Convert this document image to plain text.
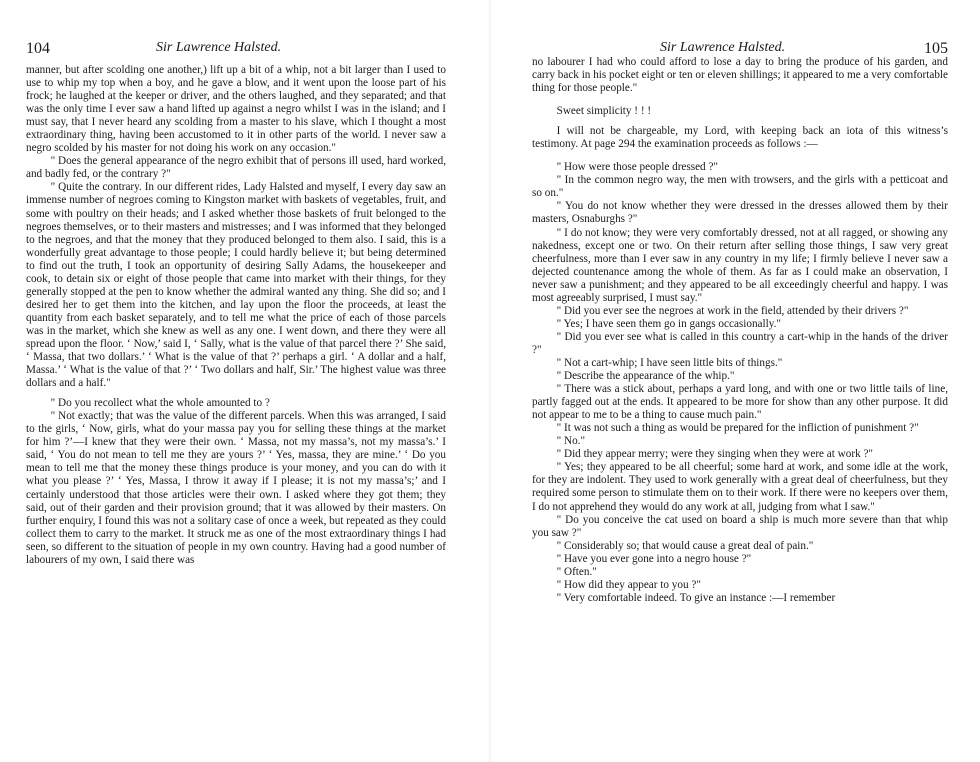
104	Sir Lawrence Halsted.

manner, but after scolding one another,) lift up a bit of a whip, not a bit larger than I used to use to whip my top when a boy, and he gave a blow, and it went upon the loose part of his frock; he laughed at the keeper or driver, and the others laughed, and they separated; and that was the only time I ever saw a hand lifted up against a negro whilst I was in the island; and I must say, that I never heard any scolding from a master to his slave, which I thought a most extraordinary thing, having been accustomed to it in other parts of the world. I never saw a negro scolded by his master for not doing his work on any occasion."

" Does the general appearance of the negro exhibit that of persons ill used, hard worked, and badly fed, or the contrary ?"

" Quite the contrary. In our different rides, Lady Halsted and myself, I every day saw an immense number of negroes coming to Kingston market with baskets of vegetables, fruit, and some with poultry on their heads; and I asked whether those baskets of fruit belonged to the negroes themselves, or to their masters and mistresses; and I was informed that they belonged to the negroes, and that the money that they produced belonged to them also. I said, this is a wonderfully great advantage to those people; I could hardly believe it; but being determined to find out the truth, I took an opportunity of desiring Sally Adams, the housekeeper and cook, to detain six or eight of those people that came into market with their things, for they generally stopped at the pen to know whether the admiral wanted any thing. She did so; and I desired her to get them into the kitchen, and lay upon the floor the proceeds, at least the quantity from each basket separately, and to tell me what the price of each of those parcels was in the market, which she knew as well as any one. I went down, and there they were all spread upon the floor. ‘ Now,’ said I, ‘ Sally, what is the value of that parcel there ?’ She said, ‘ Massa, that two dollars.’ ‘ What is the value of that ?’ perhaps a girl. ‘ A dollar and a half, Massa.’ ‘ What is the value of that ?’ ‘ Two dollars and half, Sir.’ The highest value was three dollars and a half."

" Do you recollect what the whole amounted to ?

" Not exactly; that was the value of the different parcels. When this was arranged, I said to the girls, ‘ Now, girls, what do your massa pay you for selling these things at the market for him ?’—I knew that they were their own. ‘ Massa, not my massa’s, not my massa’s.’ I said, ‘ You do not mean to tell me they are yours ?’ ‘ Yes, massa, they are mine.’ ‘ Do you mean to tell me that the money these things produce is your money, and you can do with it what you please ?’ ‘ Yes, Massa, I throw it away if I please; it is not my massa’s;’ and I certainly understood that those articles were their own. I asked where they got them; they said, out of their garden and their provision ground; that it was allowed by their masters. On further enquiry, I found this was not a solitary case of once a week, but repeated as they could collect them to carry to the market. It struck me as one of the most extraordinary things I had seen, so different to the situation of people in my own country. Having had a good number of labourers of my own, I said there was

Sir Lawrence Halsted.	105

no labourer I had who could afford to lose a day to bring the produce of his garden, and carry back in his pocket eight or ten or eleven shillings; it appeared to me a very comfortable thing for those people."

Sweet simplicity ! ! !

I will not be chargeable, my Lord, with keeping back an iota of this witness’s testimony. At page 294 the examination proceeds as follows :—

" How were those people dressed ?"

" In the common negro way, the men with trowsers, and the girls with a petticoat and so on."

" You do not know whether they were dressed in the dresses allowed them by their masters, Osnaburghs ?"

" I do not know; they were very comfortably dressed, not at all ragged, or showing any nakedness, except one or two. On their return after selling those things, I saw very great cheerfulness, more than I ever saw in any country in my life; I firmly believe I never saw a dejected countenance among the whole of them. As far as I could make an observation, I never saw a punishment; and they appeared to be all exceedingly cheerful and happy. I was most agreeably surprised, I must say."

" Did you ever see the negroes at work in the field, attended by their drivers ?"

" Yes; I have seen them go in gangs occasionally."

" Did you ever see what is called in this country a cart-whip in the hands of the driver ?"

" Not a cart-whip; I have seen little bits of things."

" Describe the appearance of the whip."

" There was a stick about, perhaps a yard long, and with one or two little tails of line, partly fagged out at the ends. It appeared to be more for show than any other purpose. It did not appear to me to be a thing to cause much pain."

" It was not such a thing as would be prepared for the infliction of punishment ?"

" No."

" Did they appear merry; were they singing when they were at work ?"

" Yes; they appeared to be all cheerful; some hard at work, and some idle at the work, for they are indolent. They used to work generally with a great deal of cheerfulness, but they required some person to stimulate them on to their work. If there were no keepers over them, I do not apprehend they would do any work at all, judging from what I saw."

" Do you conceive the cat used on board a ship is much more severe than that whip you saw ?"

" Considerably so; that would cause a great deal of pain."

" Have you ever gone into a negro house ?"

" Often."

" How did they appear to you ?"

" Very comfortable indeed. To give an instance :—I remember
